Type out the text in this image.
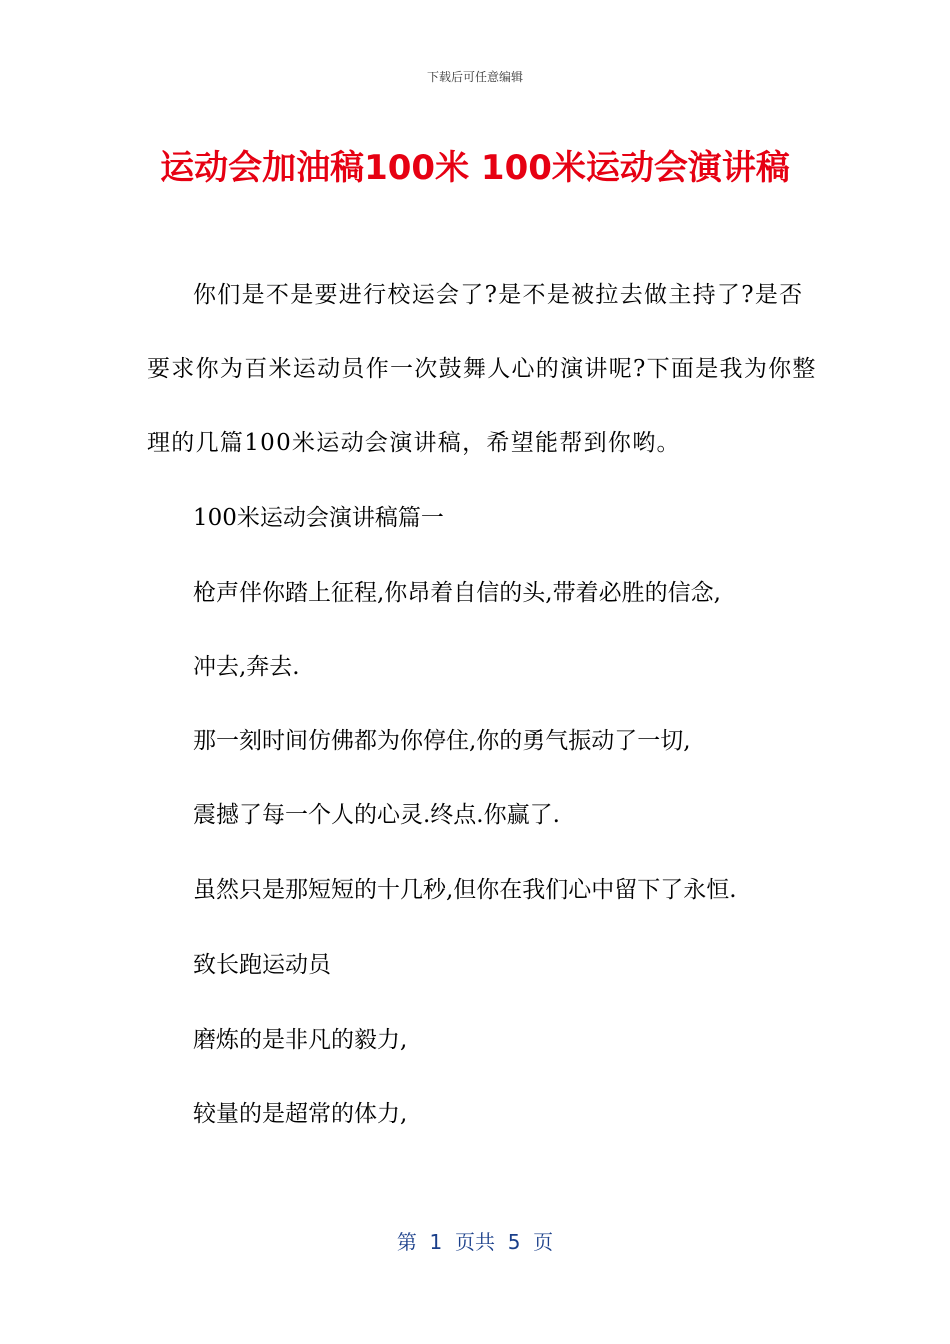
下载后可任意编辑
运动会加油稿100米 100米运动会演讲稿
你们是不是要进行校运会了?是不是被拉去做主持了?是否
要求你为百米运动员作一次鼓舞人心的演讲呢?下面是我为你整
理的几篇100米运动会演讲稿，希望能帮到你哟。
100米运动会演讲稿篇一
枪声伴你踏上征程,你昂着自信的头,带着必胜的信念,
冲去,奔去.
那一刻时间仿佛都为你停住,你的勇气振动了一切,
震撼了每一个人的心灵.终点.你赢了.
虽然只是那短短的十几秒,但你在我们心中留下了永恒.
致长跑运动员
磨炼的是非凡的毅力,
较量的是超常的体力,
第  1  页共  5  页
